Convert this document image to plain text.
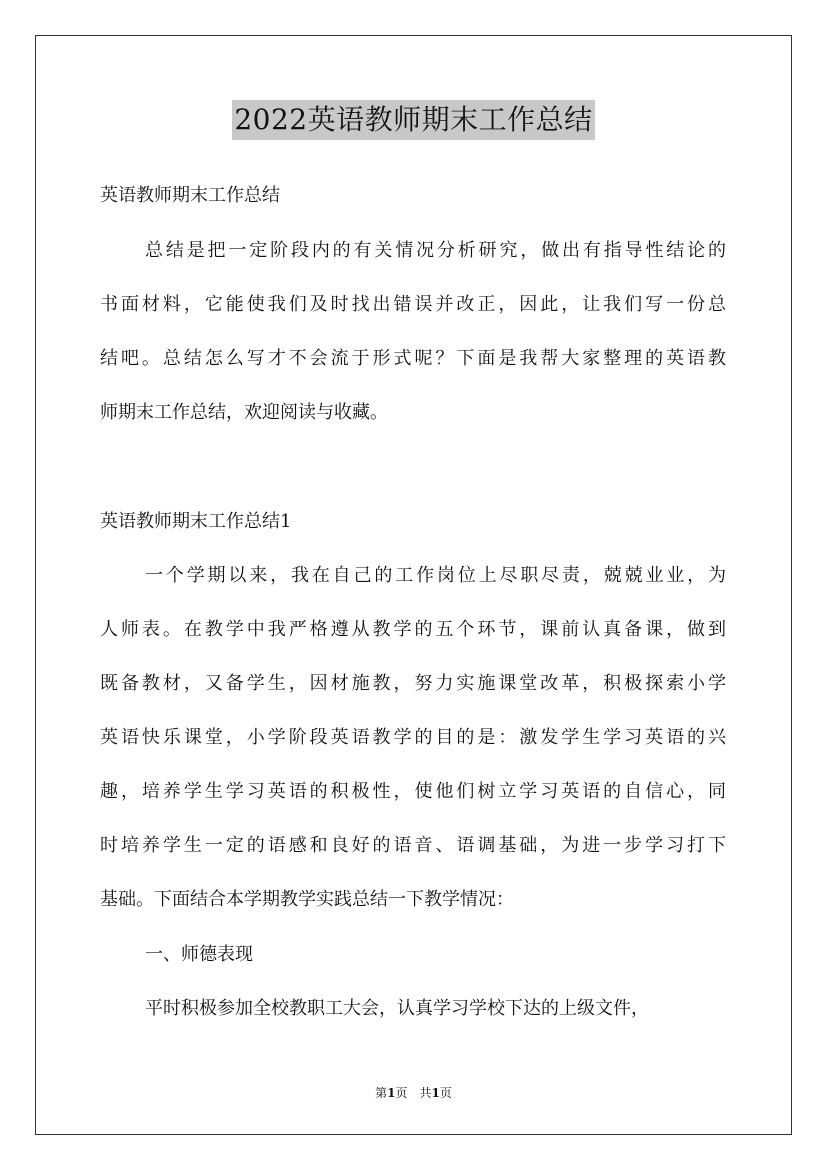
2022英语教师期末工作总结
英语教师期末工作总结
总结是把一定阶段内的有关情况分析研究，做出有指导性结论的
书面材料，它能使我们及时找出错误并改正，因此，让我们写一份总
结吧。总结怎么写才不会流于形式呢？下面是我帮大家整理的英语教
师期末工作总结，欢迎阅读与收藏。
英语教师期末工作总结1
一个学期以来，我在自己的工作岗位上尽职尽责，兢兢业业，为
人师表。在教学中我严格遵从教学的五个环节，课前认真备课，做到
既备教材，又备学生，因材施教，努力实施课堂改革，积极探索小学
英语快乐课堂，小学阶段英语教学的目的是：激发学生学习英语的兴
趣，培养学生学习英语的积极性，使他们树立学习英语的自信心，同
时培养学生一定的语感和良好的语音、语调基础，为进一步学习打下
基础。下面结合本学期教学实践总结一下教学情况：
一、师德表现
平时积极参加全校教职工大会，认真学习学校下达的上级文件，
第1页　共1页
